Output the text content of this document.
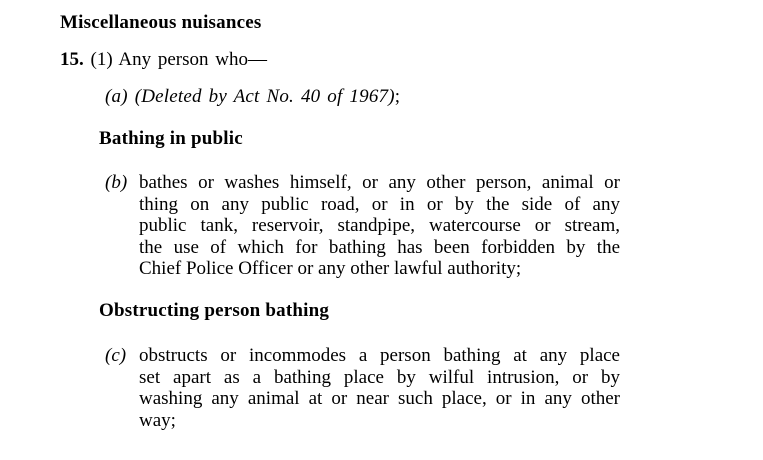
Miscellaneous nuisances
15. (1) Any person who—
(a) (Deleted by Act No. 40 of 1967);
Bathing in public
(b) bathes or washes himself, or any other person, animal or
thing on any public road, or in or by the side of any
public tank, reservoir, standpipe, watercourse or stream,
the use of which for bathing has been forbidden by the
Chief Police Officer or any other lawful authority;
Obstructing person bathing
(c) obstructs or incommodes a person bathing at any place
set apart as a bathing place by wilful intrusion, or by
washing any animal at or near such place, or in any other
way;
